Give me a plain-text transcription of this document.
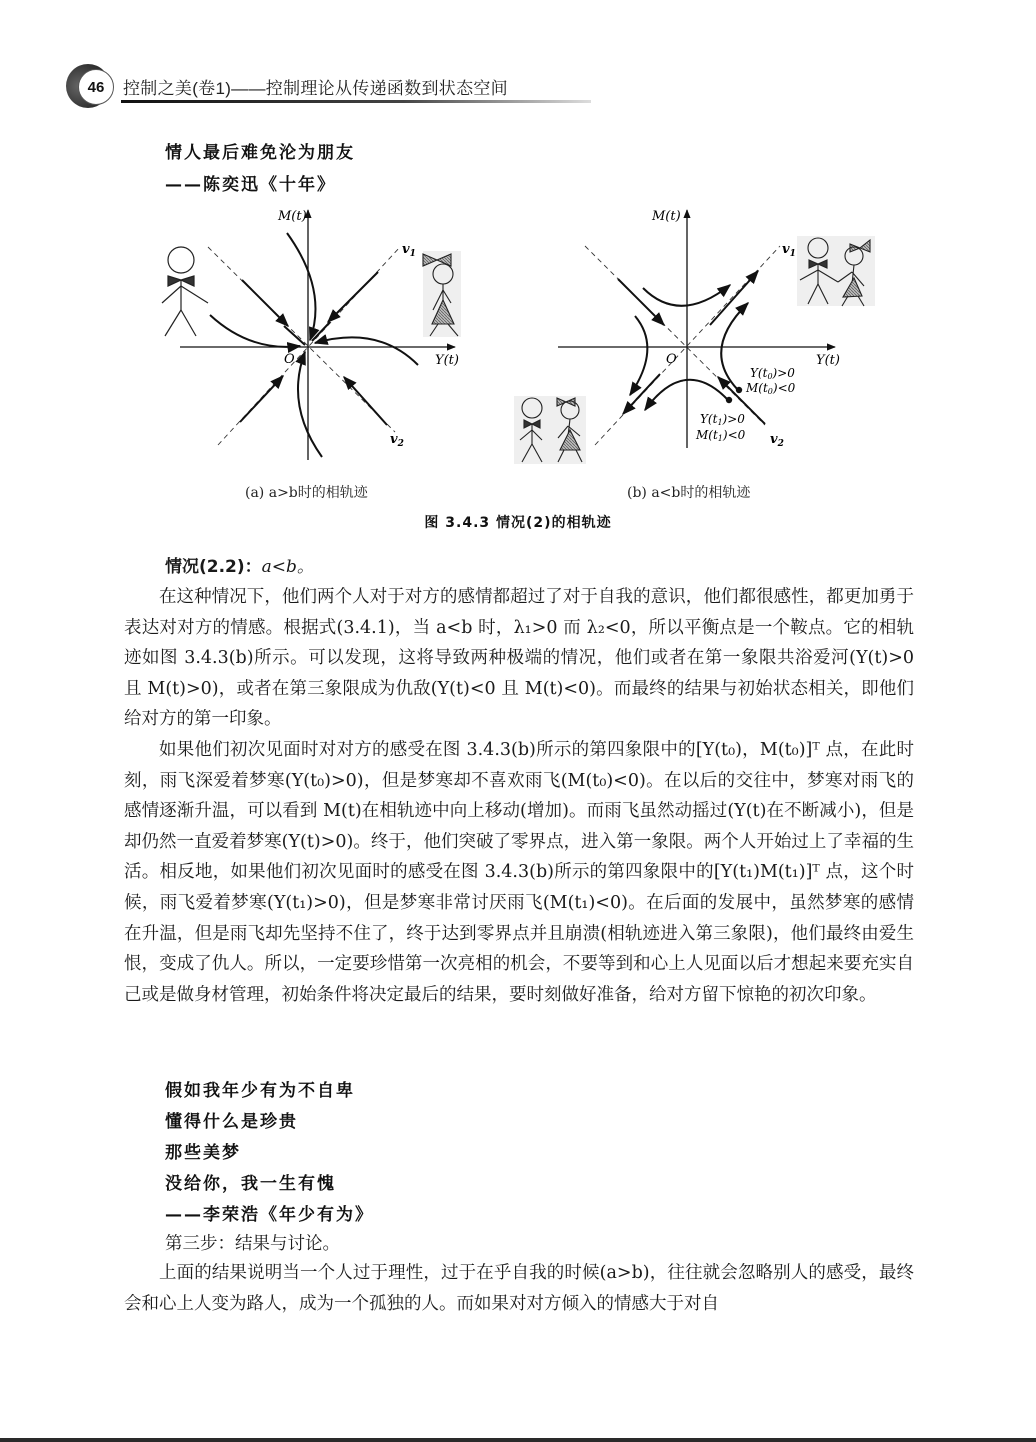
46	控制之美(卷1)——控制理论从传递函数到状态空间
情人最后难免沦为朋友
——陈奕迅《十年》
M(t)
Y(t)
O
$v_1$
$v_2$
M(t)
Y(t)
O
$v_1$
$v_2$
Y(t0)>0
M(t0)<0
Y(t1)>0
M(t1)<0
(a) a>b时的相轨迹	(b) a<b时的相轨迹
图 3.4.3 情况(2)的相轨迹
情况(2.2)：a<b。

在这种情况下，他们两个人对于对方的感情都超过了对于自我的意识，他们都很感性，都更加勇于表达对对方的情感。根据式(3.4.1)，当 a<b 时，λ₁>0 而 λ₂<0，所以平衡点是一个鞍点。它的相轨迹如图 3.4.3(b)所示。可以发现，这将导致两种极端的情况，他们或者在第一象限共浴爱河(Y(t)>0 且 M(t)>0)，或者在第三象限成为仇敌(Y(t)<0 且 M(t)<0)。而最终的结果与初始状态相关，即他们给对方的第一印象。

如果他们初次见面时对对方的感受在图 3.4.3(b)所示的第四象限中的[Y(t₀)，M(t₀)]ᵀ 点，在此时刻，雨飞深爱着梦寒(Y(t₀)>0)，但是梦寒却不喜欢雨飞(M(t₀)<0)。在以后的交往中，梦寒对雨飞的感情逐渐升温，可以看到 M(t)在相轨迹中向上移动(增加)。而雨飞虽然动摇过(Y(t)在不断减小)，但是却仍然一直爱着梦寒(Y(t)>0)。终于，他们突破了零界点，进入第一象限。两个人开始过上了幸福的生活。相反地，如果他们初次见面时的感受在图 3.4.3(b)所示的第四象限中的[Y(t₁)M(t₁)]ᵀ 点，这个时候，雨飞爱着梦寒(Y(t₁)>0)，但是梦寒非常讨厌雨飞(M(t₁)<0)。在后面的发展中，虽然梦寒的感情在升温，但是雨飞却先坚持不住了，终于达到零界点并且崩溃(相轨迹进入第三象限)，他们最终由爱生恨，变成了仇人。所以，一定要珍惜第一次亮相的机会，不要等到和心上人见面以后才想起来要充实自己或是做身材管理，初始条件将决定最后的结果，要时刻做好准备，给对方留下惊艳的初次印象。

假如我年少有为不自卑
懂得什么是珍贵
那些美梦
没给你，我一生有愧
——李荣浩《年少有为》
第三步：结果与讨论。

上面的结果说明当一个人过于理性，过于在乎自我的时候(a>b)，往往就会忽略别人的感受，最终会和心上人变为路人，成为一个孤独的人。而如果对对方倾入的情感大于对自
